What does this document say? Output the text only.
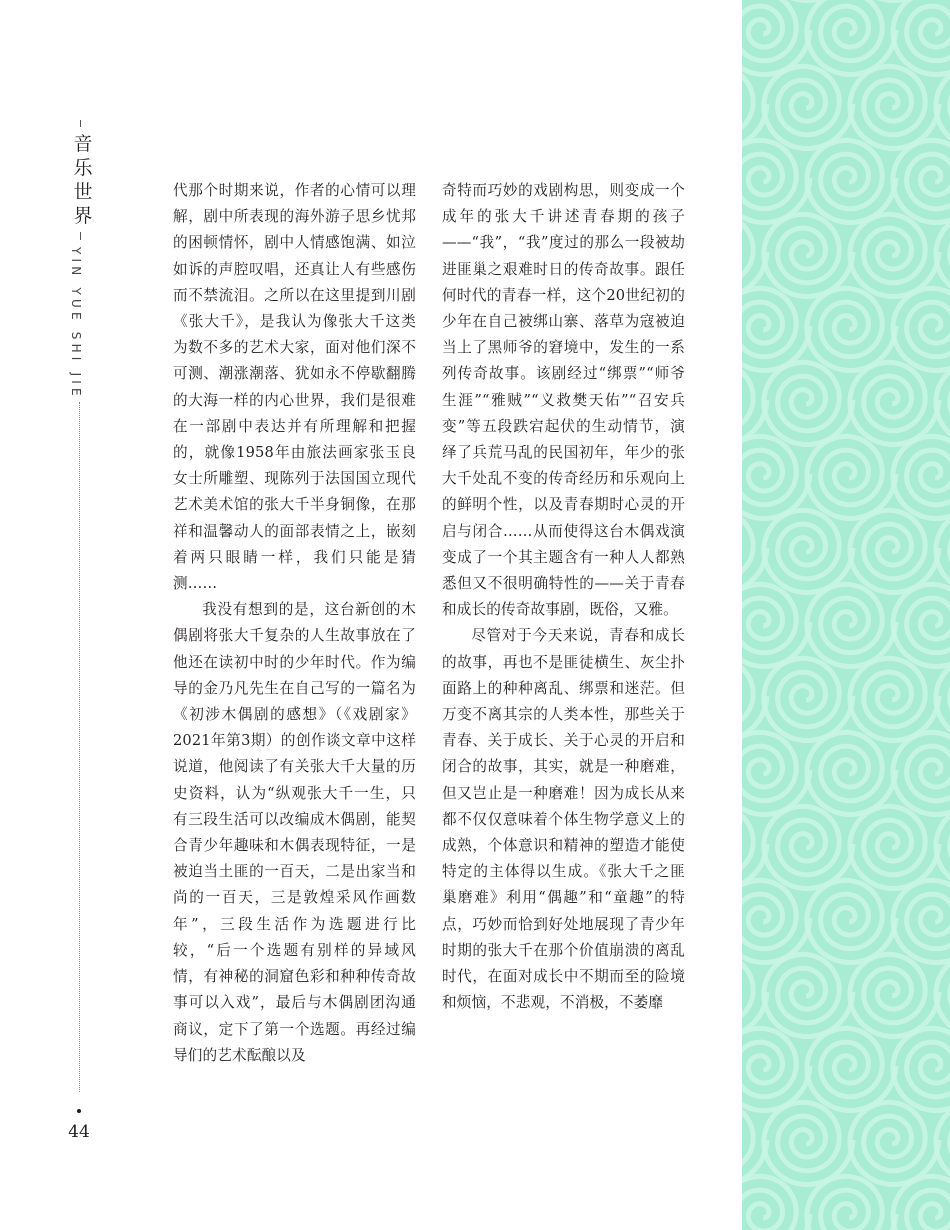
音
乐
世
界
YIN YUE SHI JIE
44

代那个时期来说，作者的心情可以理解，剧中所表现的海外游子思乡忧邦的困顿情怀，剧中人情感饱满、如泣如诉的声腔叹唱，还真让人有些感伤而不禁流泪。之所以在这里提到川剧《张大千》，是我认为像张大千这类为数不多的艺术大家，面对他们深不可测、潮涨潮落、犹如永不停歇翻腾的大海一样的内心世界，我们是很难在一部剧中表达并有所理解和把握的，就像1958年由旅法画家张玉良女士所雕塑、现陈列于法国国立现代艺术美术馆的张大千半身铜像，在那祥和温馨动人的面部表情之上，嵌刻着两只眼睛一样，我们只能是猜测……

我没有想到的是，这台新创的木偶剧将张大千复杂的人生故事放在了他还在读初中时的少年时代。作为编导的金乃凡先生在自己写的一篇名为《初涉木偶剧的感想》（《戏剧家》2021年第3期）的创作谈文章中这样说道，他阅读了有关张大千大量的历史资料，认为“纵观张大千一生，只有三段生活可以改编成木偶剧，能契合青少年趣味和木偶表现特征，一是被迫当土匪的一百天，二是出家当和尚的一百天，三是敦煌采风作画数年”，三段生活作为选题进行比较，“后一个选题有别样的异域风情，有神秘的洞窟色彩和种种传奇故事可以入戏”，最后与木偶剧团沟通商议，定下了第一个选题。再经过编导们的艺术酝酿以及

奇特而巧妙的戏剧构思，则变成一个成年的张大千讲述青春期的孩子——“我”，“我”度过的那么一段被劫进匪巢之艰难时日的传奇故事。跟任何时代的青春一样，这个20世纪初的少年在自己被绑山寨、落草为寇被迫当上了黑师爷的窘境中，发生的一系列传奇故事。该剧经过“绑票”“师爷生涯”“雅贼”“义救樊天佑”“召安兵变”等五段跌宕起伏的生动情节，演绎了兵荒马乱的民国初年，年少的张大千处乱不变的传奇经历和乐观向上的鲜明个性，以及青春期时心灵的开启与闭合……从而使得这台木偶戏演变成了一个其主题含有一种人人都熟悉但又不很明确特性的——关于青春和成长的传奇故事剧，既俗，又雅。

尽管对于今天来说，青春和成长的故事，再也不是匪徒横生、灰尘扑面路上的种种离乱、绑票和迷茫。但万变不离其宗的人类本性，那些关于青春、关于成长、关于心灵的开启和闭合的故事，其实，就是一种磨难，但又岂止是一种磨难！因为成长从来都不仅仅意味着个体生物学意义上的成熟，个体意识和精神的塑造才能使特定的主体得以生成。《张大千之匪巢磨难》利用“偶趣”和“童趣”的特点，巧妙而恰到好处地展现了青少年时期的张大千在那个价值崩溃的离乱时代，在面对成长中不期而至的险境和烦恼，不悲观，不消极，不萎靡
